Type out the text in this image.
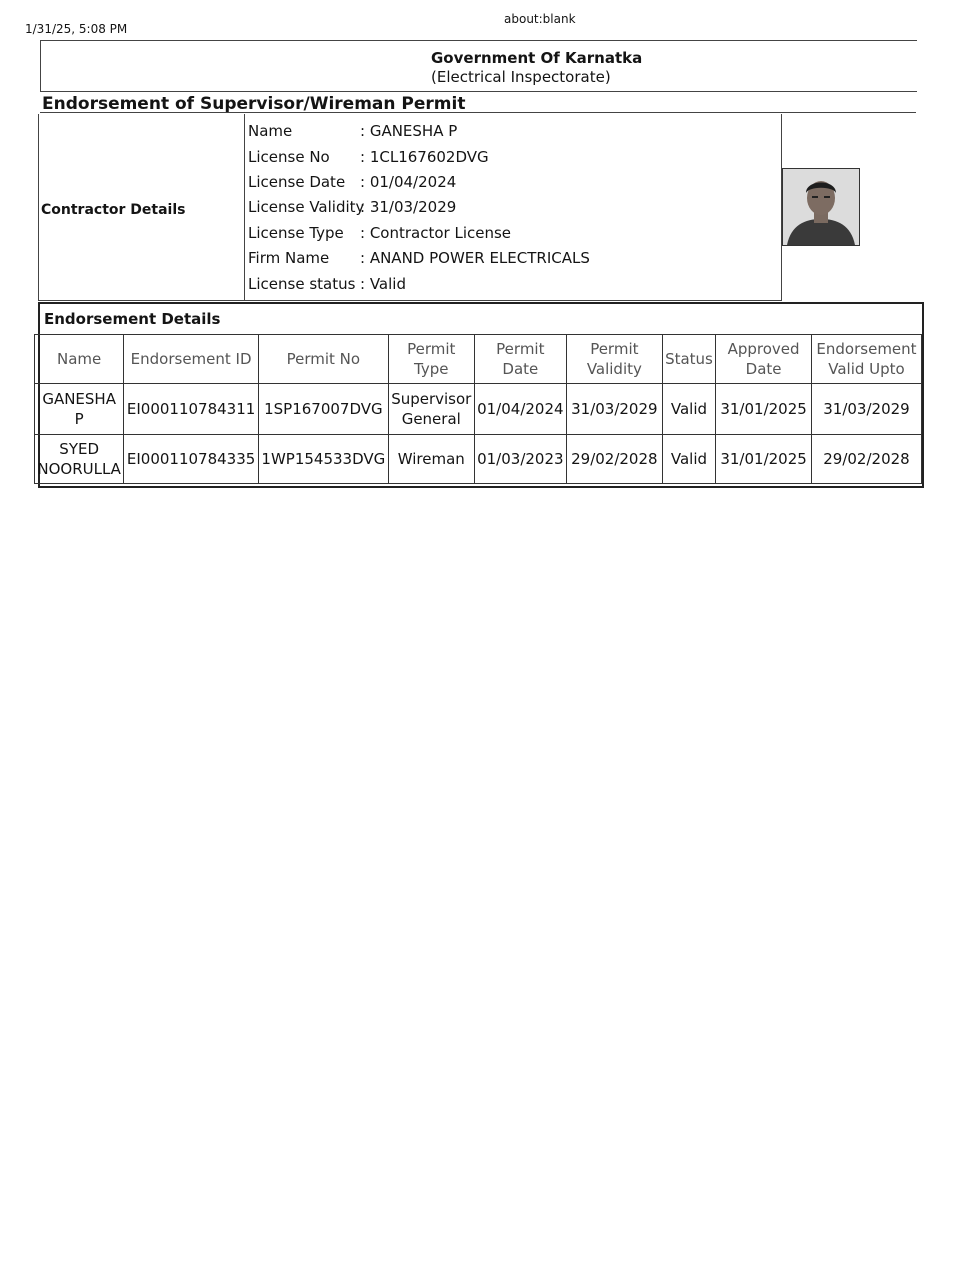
1/31/25, 5:08 PM
about:blank
Government Of Karnatka
(Electrical Inspectorate)
Endorsement of Supervisor/Wireman Permit
Contractor Details
Name	: GANESHA P
License No : 1CL167602DVG
License Date : 01/04/2024
License Validity: 31/03/2029
License Type : Contractor License
Firm Name : ANAND POWER ELECTRICALS
License status : Valid
Endorsement Details
Name	Endorsement ID	Permit No	Permit Type	Permit Date	Permit Validity	Status	Approved Date	Endorsement Valid Upto
GANESHA P	EI000110784311	1SP167007DVG	Supervisor General	01/04/2024	31/03/2029	Valid	31/01/2025	31/03/2029
SYED NOORULLA	EI000110784335	1WP154533DVG	Wireman	01/03/2023	29/02/2028	Valid	31/01/2025	29/02/2028
